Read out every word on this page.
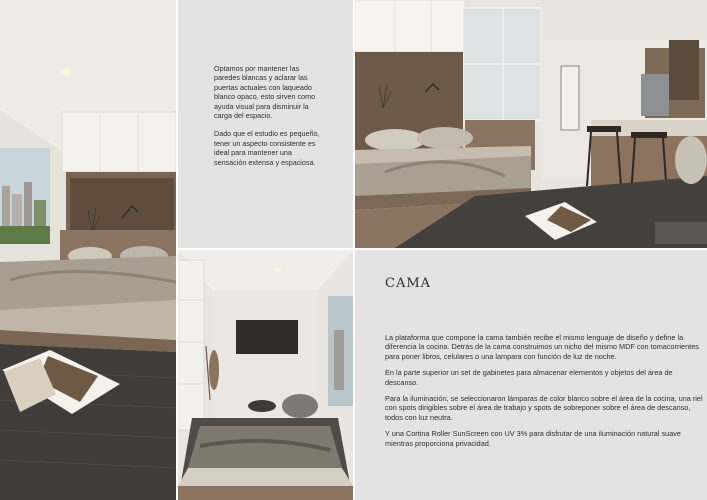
Optamos por mantener las paredes blancas y aclarar las puertas actuales con laqueado blanco opaco, esto sirven como ayuda visual para disminuir la carga del espacio.

Dado que el estudio es pequeño, tener un aspecto consistente es ideal para mantener una sensación extensa y espaciosa.

CAMA

La plataforma que compone la cama también recibe el mismo lenguaje de diseño y define la diferencia la cocina. Detrás de la cama construimos un nicho del mismo MDF con tomacorrientes para poner libros, celulares o una lampara con función de luz de noche.

En la parte superior un set de gabinetes para almacenar elementos y objetos del área de descanso.

Para la iluminación, se seleccionaron lámparas de color blanco sobre el área de la cocina, una riel con spots dirigibles sobre el área de trabajo y spots de sobreponer sobre el área de descanso, todos con luz neutra.

Y una Cortina Roller SunScreen con UV 3% para disfrutar de una iluminación natural suave mientras proporciona privacidad.
